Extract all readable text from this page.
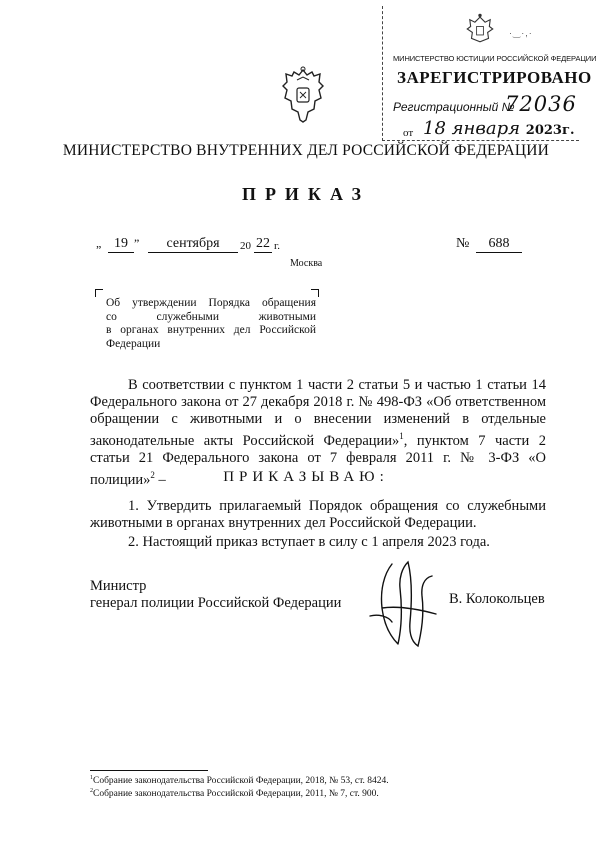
·‿·,·
МИНИСТЕРСТВО ЮСТИЦИИ РОССИЙСКОЙ ФЕДЕРАЦИИ
ЗАРЕГИСТРИРОВАНО
Регистрационный №
72036
от 18 января 2023г.
МИНИСТЕРСТВО ВНУТРЕННИХ ДЕЛ РОССИЙСКОЙ ФЕДЕРАЦИИ
ПРИКАЗ
„ 19 ”	сентября	20 22 г.	№	688
Москва
Об утверждении Порядка обращения
со служебными животными
в органах внутренних дел Российской
Федерации
В соответствии с пунктом 1 части 2 статьи 5 и частью 1 статьи 14 Федерального закона от 27 декабря 2018 г. № 498-ФЗ «Об ответственном обращении с животными и о внесении изменений в отдельные законодательные акты Российской Федерации»$^1$, пунктом 7 части 2 статьи 21 Федерального закона от 7 февраля 2011 г. № 3-ФЗ «О полиции»$^2$ –	ПРИКАЗЫВАЮ:
1. Утвердить прилагаемый Порядок обращения со служебными животными в органах внутренних дел Российской Федерации.
2. Настоящий приказ вступает в силу с 1 апреля 2023 года.
Министр
генерал полиции Российской Федерации	В. Колокольцев
$^1$Собрание законодательства Российской Федерации, 2018, № 53, ст. 8424.
$^2$Собрание законодательства Российской Федерации, 2011, № 7, ст. 900.
